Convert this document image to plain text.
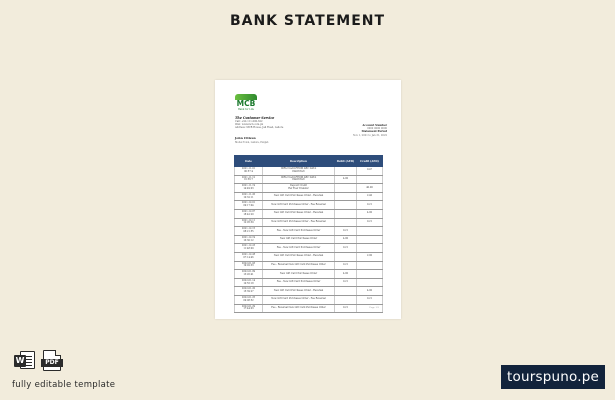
BANK STATEMENT
MCB
Bank for Life
The Customer Service
Call: +92-111-000-622
Web: www.mcb.com.pk
Address: MCB House, Jail Road, Lahore
Account Number
0000 0000 0000
Statement Period
Nov 1, 2021 to Jan 31, 2022
John Citizen
Model Town, Lahore, Punjab
Date	Description	Debit (AED)	Credit (AED)
2021-11-01
00:57:4	IDFA Credit-FROM ABC DATA
PAKISTAN		0.47
2021-11-12
01:56:7	IDFA Credit-FROM ABC DATA
PAKISTAN	4.00	
2021-11-19
14:49:03	Deposit Credit
Ref Fuel Transfer		40.00
2021-11-26
10:32:11	New Gift Card Purchases Order - Reversal		2.40
2021-12-01
09:17:04	New Gift Card Purchases Order - Fee Reversal		0.21
2021-12-07
18:42:20	New Gift Card Purchases Order - Reversal		4.00
2021-12-11
12:05:39	New Gift Card Purchases Order - Fee Reversal		0.21
2021-12-15
08:21:55	Fee - New Gift Card Purchases Order	0.21	
2021-12-19
16:30:12	New Gift Card Purchases Order	4.00	
2021-12-23
11:48:09	Fee - New Gift Card Purchases Order	0.21	
2021-12-28
07:14:46	New Gift Card Purchases Order - Reversal		2.00
2022-01-03
19:02:33	Fee - Reversal New Gift Card Purchases Order	0.21	
2022-01-09
13:26:41	New Gift Card Purchases Order	4.00	
2022-01-14
10:55:18	Fee - New Gift Card Purchases Order	0.21	
2022-01-20
15:39:27	New Gift Card Purchases Order - Reversal		4.00
2022-01-25
09:08:52	New Gift Card Purchases Order - Fee Reversal		0.21
2022-01-29
17:44:03	Fee - Reversal New Gift Card Purchases Order	0.21		Page 1/1
W	PDF
fully editable template	tourspuno.pe
